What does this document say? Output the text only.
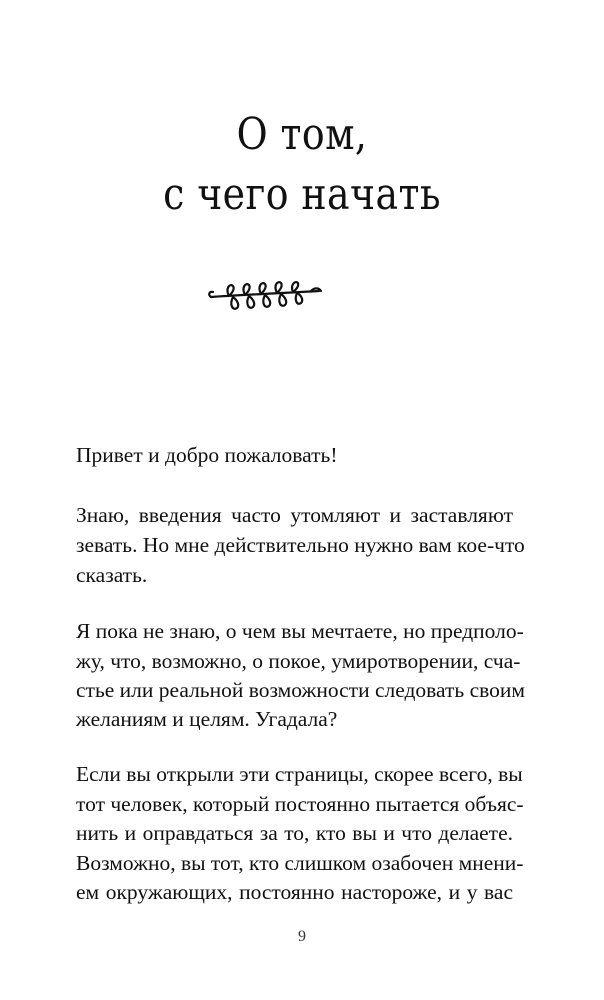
О том,
с чего начать
Привет и добро пожаловать!
Знаю, введения часто утомляют и заставляют
зевать. Но мне действительно нужно вам кое-что
сказать.
Я пока не знаю, о чем вы мечтаете, но предполо-
жу, что, возможно, о покое, умиротворении, сча-
стье или реальной возможности следовать своим
желаниям и целям. Угадала?
Если вы открыли эти страницы, скорее всего, вы
тот человек, который постоянно пытается объяс-
нить и оправдаться за то, кто вы и что делаете.
Возможно, вы тот, кто слишком озабочен мнени-
ем окружающих, постоянно настороже, и у вас
9
